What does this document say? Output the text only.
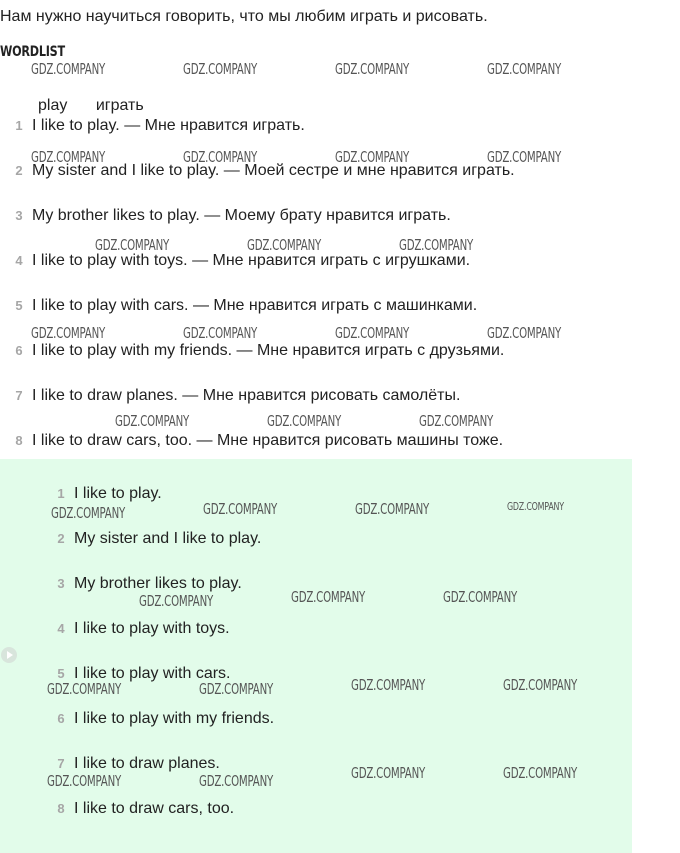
Нам нужно научиться говорить, что мы любим играть и рисовать.
WORDLIST
play играть
1 I like to play. — Мне нравится играть.
2 My sister and I like to play. — Моей сестре и мне нравится играть.
3 My brother likes to play. — Моему брату нравится играть.
4 I like to play with toys. — Мне нравится играть с игрушками.
5 I like to play with cars. — Мне нравится играть с машинками.
6 I like to play with my friends. — Мне нравится играть с друзьями.
7 I like to draw planes. — Мне нравится рисовать самолёты.
8 I like to draw cars, too. — Мне нравится рисовать машины тоже.
1 I like to play.
2 My sister and I like to play.
3 My brother likes to play.
4 I like to play with toys.
5 I like to play with cars.
6 I like to play with my friends.
7 I like to draw planes.
8 I like to draw cars, too.
GDZ.COMPANY	GDZ.COMPANY	GDZ.COMPANY	GDZ.COMPANY
GDZ.COMPANY	GDZ.COMPANY	GDZ.COMPANY	GDZ.COMPANY
GDZ.COMPANY	GDZ.COMPANY	GDZ.COMPANY
GDZ.COMPANY	GDZ.COMPANY	GDZ.COMPANY	GDZ.COMPANY
GDZ.COMPANY	GDZ.COMPANY	GDZ.COMPANY
GDZ.COMPANY	GDZ.COMPANY	GDZ.COMPANY	GDZ.COMPANY
GDZ.COMPANY	GDZ.COMPANY	GDZ.COMPANY
GDZ.COMPANY	GDZ.COMPANY	GDZ.COMPANY	GDZ.COMPANY
GDZ.COMPANY	GDZ.COMPANY	GDZ.COMPANY	GDZ.COMPANY
